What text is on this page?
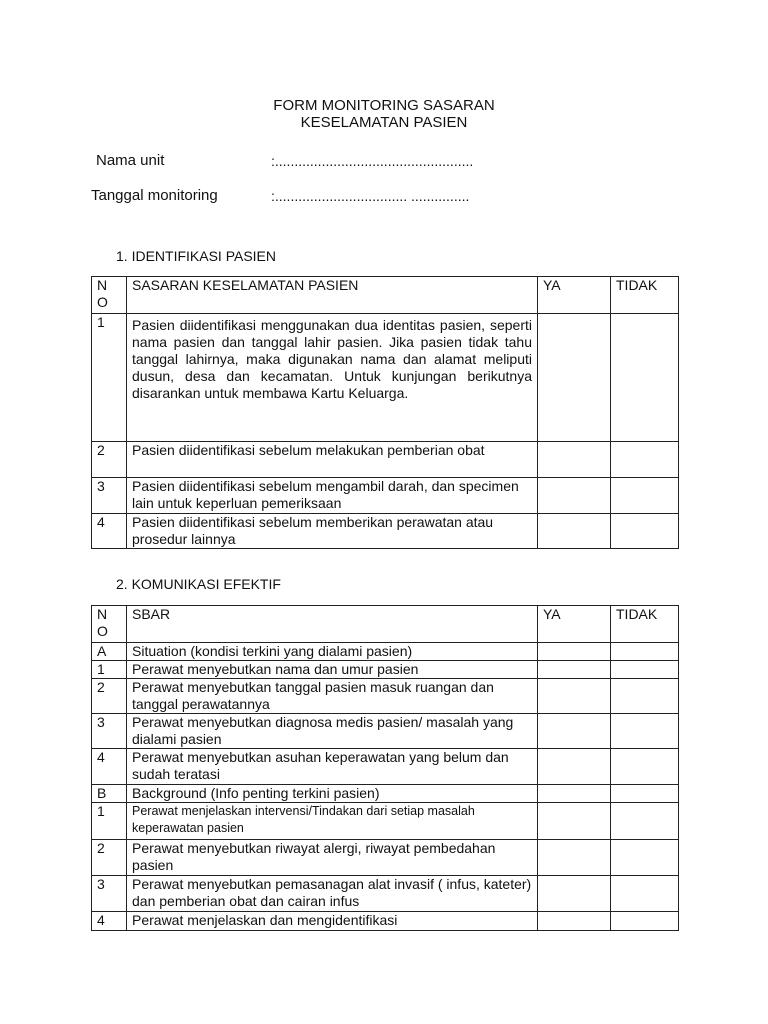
FORM MONITORING SASARAN
KESELAMATAN PASIEN
Nama unit	:...................................................
Tanggal monitoring	:.................................. ...............
1. IDENTIFIKASI PASIEN
N O	SASARAN KESELAMATAN PASIEN	YA	TIDAK
1	Pasien diidentifikasi menggunakan dua identitas pasien, seperti nama pasien dan tanggal lahir pasien. Jika pasien tidak tahu tanggal lahirnya, maka digunakan nama dan alamat meliputi dusun, desa dan kecamatan. Untuk kunjungan berikutnya disarankan untuk membawa Kartu Keluarga.		
2	Pasien diidentifikasi sebelum melakukan pemberian obat		
3	Pasien diidentifikasi sebelum mengambil darah, dan specimen lain untuk keperluan pemeriksaan		
4	Pasien diidentifikasi sebelum memberikan perawatan atau prosedur lainnya		
2. KOMUNIKASI EFEKTIF
N O	SBAR	YA	TIDAK
A	Situation (kondisi terkini yang dialami pasien)		
1	Perawat menyebutkan nama dan umur pasien		
2	Perawat menyebutkan tanggal pasien masuk ruangan dan tanggal perawatannya		
3	Perawat menyebutkan diagnosa medis pasien/ masalah yang dialami pasien		
4	Perawat menyebutkan asuhan keperawatan yang belum dan sudah teratasi		
B	Background (Info penting terkini pasien)		
1	Perawat menjelaskan intervensi/Tindakan dari setiap masalah keperawatan pasien		
2	Perawat menyebutkan riwayat alergi, riwayat pembedahan pasien		
3	Perawat menyebutkan pemasanagan alat invasif ( infus, kateter) dan pemberian obat dan cairan infus		
4	Perawat menjelaskan dan mengidentifikasi		
